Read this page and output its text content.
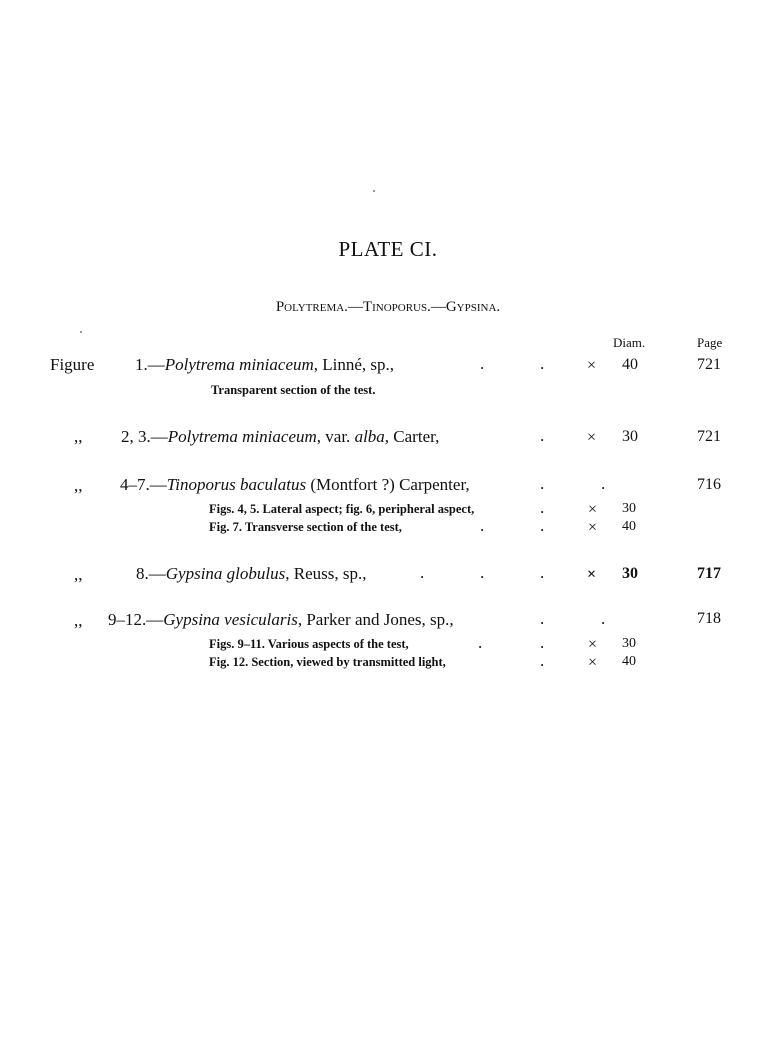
PLATE CI.
Polytrema.—Tinoporus.—Gypsina.
Diam.	Page
Figure 1.—Polytrema miniaceum, Linné, sp.,	.	.	× 40	721
Transparent section of the test.
,, 2, 3.—Polytrema miniaceum, var. alba, Carter,	.	× 30	721
,, 4–7.—Tinoporus baculatus (Montfort ?) Carpenter,	.	.	716
Figs. 4, 5. Lateral aspect; fig. 6, peripheral aspect,	.	× 30
Fig. 7. Transverse section of the test,	.	.	× 40
,,	8.—Gypsina globulus, Reuss, sp.,	.	.	.	× 30	717
,, 9–12.—Gypsina vesicularis, Parker and Jones, sp.,	.	.	718
Figs. 9–11. Various aspects of the test,	.	.	× 30
Fig. 12. Section, viewed by transmitted light,	.	× 40
